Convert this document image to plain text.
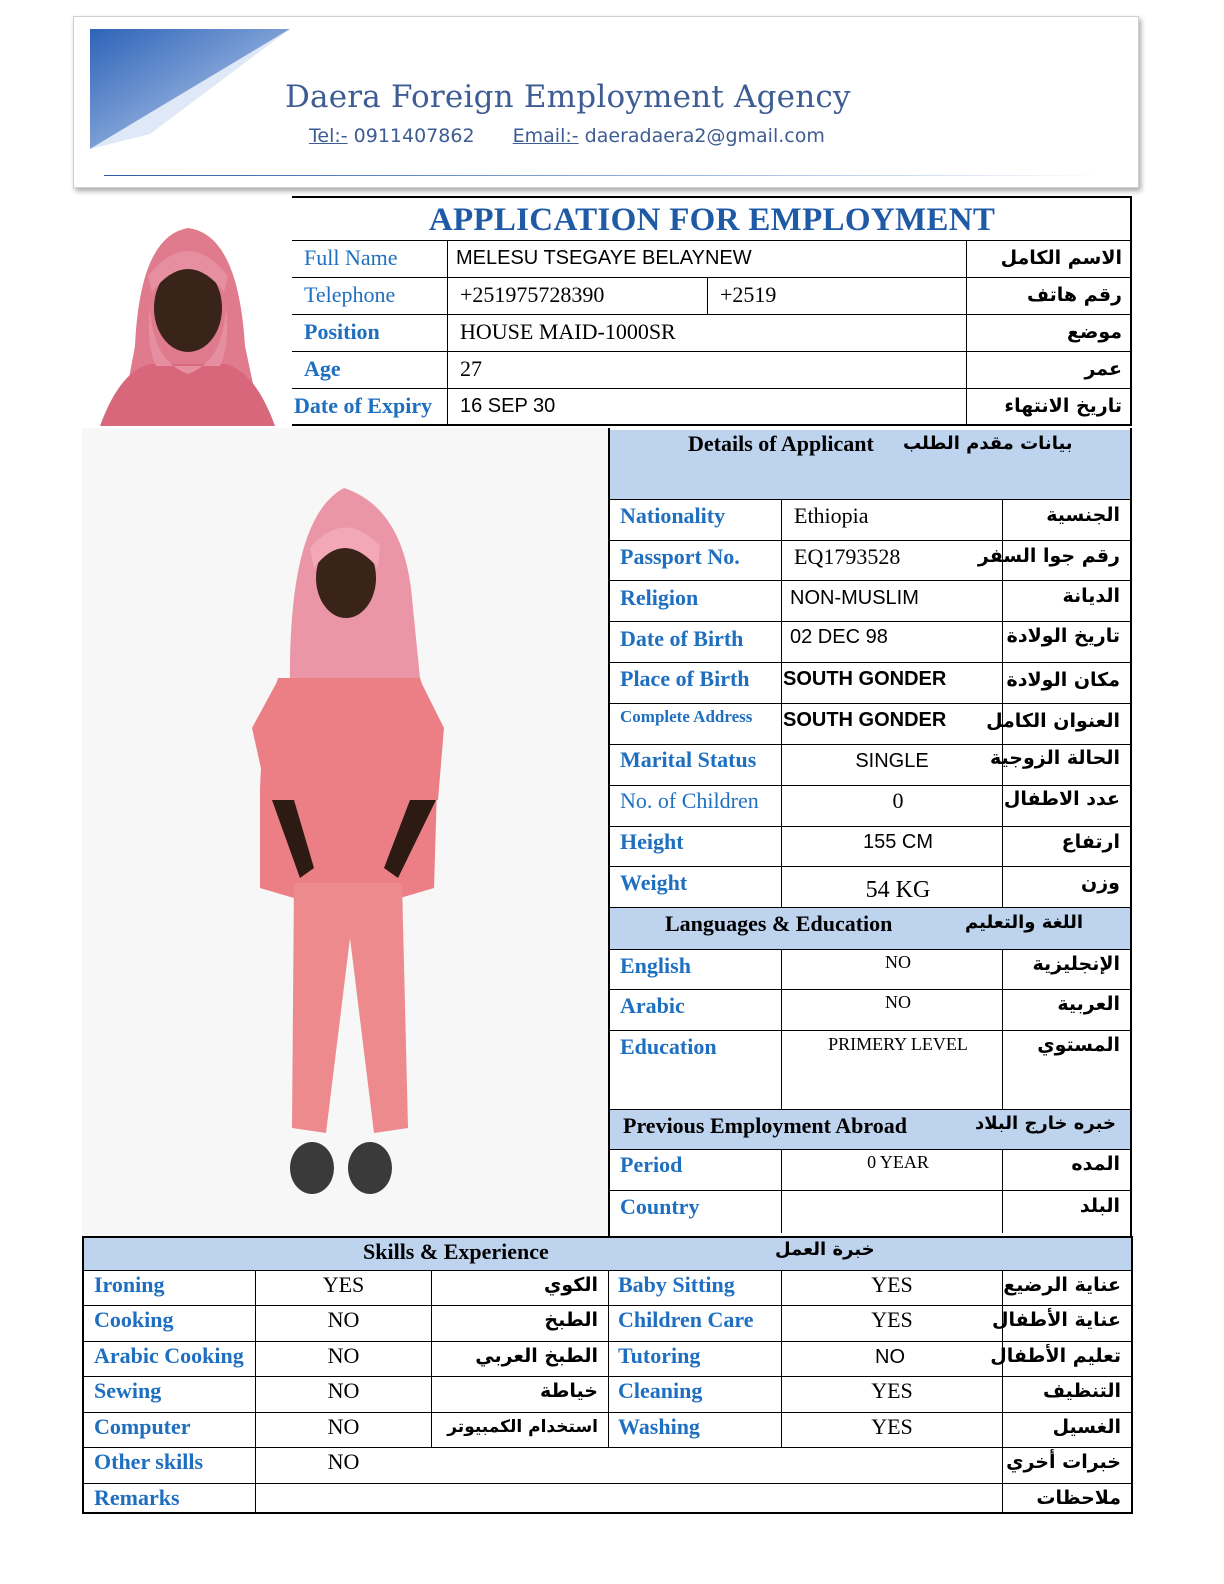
Daera Foreign Employment Agency
Tel:- 0911407862 Email:- daeradaera2@gmail.com
APPLICATION FOR EMPLOYMENT
Full Name	MELESU TSEGAYE BELAYNEW	الاسم الكامل
Telephone	+251975728390	+2519	رقم هاتف
Position	HOUSE MAID-1000SR	موضع
Age	27	عمر
Date of Expiry	16 SEP 30	تاريخ الانتهاء
Details of Applicant بيانات مقدم الطلب
Nationality	Ethiopia	الجنسية
Passport No.	EQ1793528	رقم جوا السفر
Religion	NON-MUSLIM	الديانة
Date of Birth	02 DEC 98	تاريخ الولادة
Place of Birth	SOUTH GONDER	مكان الولادة
Complete Address	SOUTH GONDER	العنوان الكامل
Marital Status	SINGLE	الحالة الزوجية
No. of Children	0	عدد الاطفال
Height	155 CM	ارتفاع
Weight	54 KG	وزن
Languages & Education	اللغة والتعليم
English	NO	الإنجليزية
Arabic	NO	العربية
Education	PRIMERY LEVEL	المستوي
Previous Employment Abroad	خبره خارج البلاد
Period	0 YEAR	المده
Country	البلد
Skills & Experience	خبرة العمل
Ironing	YES	الكوي Baby Sitting	YES	عناية الرضيع
Cooking	NO	الطبخ Children Care	YES	عناية الأطفال
Arabic Cooking	NO	الطبخ العربي Tutoring	NO	تعليم الأطفال
Sewing	NO	خياطة Cleaning	YES	التنظيف
Computer	NO	استخدام الكمبيوتر Washing	YES	الغسيل
Other skills	NO	خبرات أخري
Remarks	ملاحظات
